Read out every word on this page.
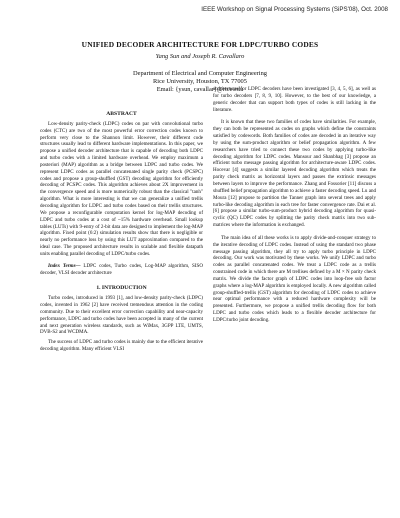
IEEE Workshop on Signal Processing Systems (SiPS'08), Oct. 2008
UNIFIED DECODER ARCHITECTURE FOR LDPC/TURBO CODES
Yang Sun and Joseph R. Cavallaro
Department of Electrical and Computer Engineering
Rice University, Houston, TX 77005
Email: {ysun, cavallar}@rice.edu
ABSTRACT

Low-density parity-check (LDPC) codes on par with convolutional turbo codes (CTC) are two of the most powerful error correction codes known to perform very close to the Shannon limit. However, their different code structures usually lead to different hardware implementations. In this paper, we propose a unified decoder architecture that is capable of decoding both LDPC and turbo codes with a limited hardware overhead. We employ maximum a posteriori (MAP) algorithm as a bridge between LDPC and turbo codes. We represent LDPC codes as parallel concatenated single parity check (PCSPC) codes and propose a group-shuffled (GST) decoding algorithm for efficiently decoding of PCSPC codes. This algorithm achieves about 2X improvement in the convergence speed and is more numerically robust than the classical "tanh" algorithm. What is more interesting is that we can generalize a unified trellis decoding algorithm for LDPC and turbo codes based on their trellis structures. We propose a reconfigurable computation kernel for log-MAP decoding of LDPC and turbo codes at a cost of ~15% hardware overhead. Small lookup tables (LUTs) with 9-entry of 2-bit data are designed to implement the log-MAP algorithm. Fixed point (6:2) simulation results show that there is negligible or nearly no performance loss by using this LUT approximation compared to the ideal case. The proposed architecture results in scalable and flexible datapath units enabling parallel decoding of LDPC/turbo codes.

Index Terms— LDPC codes, Turbo codes, Log-MAP algorithm, SISO decoder, VLSI decoder architecture

1. INTRODUCTION

Turbo codes, introduced in 1993 [1], and low-density parity-check (LDPC) codes, invented in 1962 [2] have received tremendous attention in the coding community. Due to their excellent error correction capability and near-capacity performance, LDPC and turbo codes have been accepted in many of the current and next generation wireless standards, such as WiMax, 3GPP LTE, UMTS, DVB-S2 and WCDMA.

The success of LDPC and turbo codes is mainly due to the efficient iterative decoding algorithm. Many efficient VLSI

architectures for LDPC decoders have been investigated [3, 4, 5, 6], as well as for turbo decoders [7, 8, 9, 10]. However, to the best of our knowledge, a generic decoder that can support both types of codes is still lacking in the literature.

It is known that these two families of codes have similarities. For example, they can both be represented as codes on graphs which define the constraints satisfied by codewords. Both families of codes are decoded in an iterative way by using the sum-product algorithm or belief propagation algorithm. A few researchers have tried to connect these two codes by applying turbo-like decoding algorithm for LDPC codes. Mansour and Shanbhag [3] propose an efficient turbo message passing algorithm for architecture-aware LDPC codes. Hocevar [4] suggests a similar layered decoding algorithm which treats the parity check matrix as horizontal layers and passes the extrinsic messages between layers to improve the performance. Zhang and Fossorier [11] discuss a shuffled belief propagation algorithm to achieve a faster decoding speed. Lu and Moura [12] propose to partition the Tanner graph into several trees and apply turbo-like decoding algorithm in each tree for faster convergence rate. Dai et al. [6] propose a similar turbo-sum-product hybrid decoding algorithm for quasi-cyclic (QC) LDPC codes by splitting the parity check matrix into two sub-matrices where the information is exchanged.

The main idea of all these works is to apply divide-and-conquer strategy to the iterative decoding of LDPC codes. Instead of using the standard two phase message passing algorithm, they all try to apply turbo principle in LDPC decoding. Our work was motivated by these works. We unify LDPC and turbo codes as parallel concatenated codes. We treat a LDPC code as a trellis constrained code in which there are M trellises defined by a M × N parity check matrix. We divide the factor graph of LDPC codes into loop-free sub factor graphs where a log-MAP algorithm is employed locally. A new algorithm called group-shuffled-trellis (GST) algorithm for decoding of LDPC codes to achieve near optimal performance with a reduced hardware complexity will be presented. Furthermore, we propose a unified trellis decoding flow for both LDPC and turbo codes which leads to a flexible decoder architecture for LDPC/turbo joint decoding.
